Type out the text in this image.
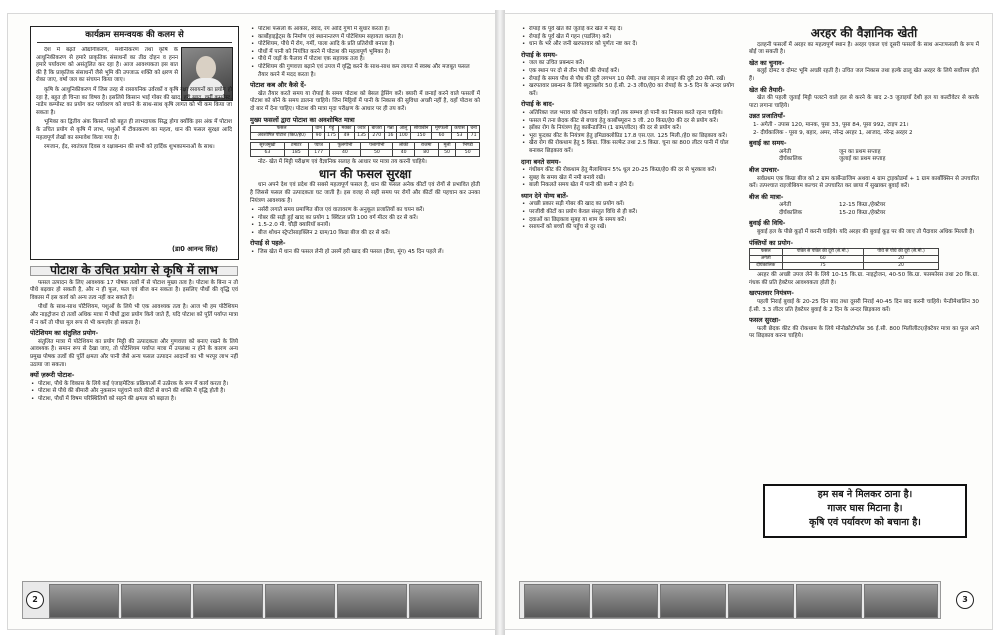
कार्यक्रम समन्वयक की कलम से

देश में बढ़ते औद्योगीकरण, मशीनीकरण तथा कृषि के आधुनिकीकरण से हमारे प्राकृतिक संसाधनों का तीव्र दोहन व हनन हमारे पर्यावरण को असंतुलित कर रहा है। आज आवश्यकता इस बात की है कि प्राकृतिक संसाधनों जैसे भूमि की उपजाऊ शक्ति को क्षरण से रोका जाए, वर्षा जल का संचयन किया जाए।

कृषि के आधुनिकीकरण में जिस तरह से रासायनिक उर्वरकों व कृषि रक्षा रसायनों का प्रयोग हो रहा है, बहुत ही चिन्ता का विषय है। इसलिये किसान भाई गोबर की खाद, हरी खाद, वर्मी कम्पोस्ट, नाडेप कम्पोस्ट का प्रयोग कर पर्यावरण को बचाने के साथ-साथ कृषि लागत को भी कम किया जा सकता है।

भूमिका का द्वितीय अंक किसानों को बहुत ही लाभदायक सिद्ध होगा क्योंकि इस अंक में पोटाश के उचित प्रयोग से कृषि में लाभ, पशुओं में टीकाकरण का महत्व, धान की फसल सुरक्षा आदि महत्वपूर्ण लेखों का समावेश किया गया है।

रमजान, ईद, स्वतंत्रता दिवस व रक्षाबन्धन की सभी को हार्दिक शुभकामनाओं के साथ।

(डा0 आनन्द सिंह)
पोटाश के उचित प्रयोग से कृषि में लाभ

फसल उत्पादन के लिए आवश्यक 17 पोषक तत्वों में से पोटाश मुख्य तत्व है। पोटाश के बिना न तो पौधे बढ़वार हो सकती है, और न ही फूल, फल एवं बीज बन सकता है। इसलिए पौधों की वृद्धि एवं विकास में इस कार्य को अन्य तत्व नहीं कर सकते हैं।

पौधों के साथ-साथ पोटैशियम, पशुओं के लिये भी एक आवश्यक तत्व है। आज भी हम पोटैशियम और नाइट्रोजन दो तत्वों अधिक मात्रा में पौधों द्वारा प्रयोग किये जाते हैं, यदि पोटाश को पूर्ति पर्याप्त मात्रा में न करें तो पौधा मूल रूप से भी कमज़ोर हो सकता है।

पोटेशियम का संतुलित प्रयोग-

संतुलित मात्रा में पोटेशियम का प्रयोग मिट्टी की उत्पादकता और गुणवत्ता को बनाए रखने के लिये आवश्यक है। समान रूप से देखा जाए, तो पोटेशियम पर्याप्त मात्रा में उपलब्ध न होने के कारण अन्य प्रमुख पोषक तत्वों की पूर्ति क्षमता और पानी जैसे अन्य फसल उत्पादन आदानों का भी भरपूर लाभ नहीं उठाया जा सकता।

क्यों ज़रूरी पोटाश-
• पोटाश, पौधे के विकास के लिये कई एंजाइमेटिक प्रक्रियाओं में उत्प्रेरक के रूप में कार्य करता है।
• पोटाश से पौधे की बीमारी और नुकसान पहुंचाने वाले कीटों से बचने की शक्ति में वृद्धि होती है।
• पोटाश, पौधों में विषम परिस्थितियों को सहने की क्षमता को बढ़ाता है।
• पोटाश फसलों के आकार, स्वाद, रंग आदि गुणों में सुधार करता है।
• कार्बोहाइड्रेट्स के निर्माण एवं स्थानान्तरण में पोटेशियम सहायता करता है।
• पोटेशियम, पौधे में रोग, गर्मी, पाला आदि के प्रति प्रतिरोधी बनाता है।
• पौधों में पानी को नियंत्रित करने में पोटाश की महत्वपूर्ण भूमिका है।
• पौधे में जड़ों के फैलाव में पोटाश एक सहायक तत्व है।
• पोटेशियम की गुणवत्ता बढ़ाने एवं उपज में वृद्धि करने के साथ-साथ कम लागत में स्वस्थ और मजबूत फसल तैयार करने में मदद करता है।
पोटाश कब और कैसे दें-

खेत तैयार करते समय या रोपाई के समय पोटाश को बेसल ड्रेसिंग करें। क्यारी में छनाई करने वाले फसलों में पोटाश को बोने के समय डालना चाहिये। जिन मिट्टियों में पानी के निकास की सुविधा अच्छी नहीं है, वहाँ पोटाश को दो बार में देना चाहिए। पोटाश की मात्रा मृदा परीक्षण के आधार पर ही तय करें।

मुख्य फसलों द्वारा पोटाश का अवशोषित मात्रा
फसल	धान	गेहूँ	मक्का	ज्वार	बाजरा	गन्ना	आलू	सोयाबीन	मूंगफली	कपास	चना
अवशोषित पोटाश (कि0/हे0)	90	175	49	135	270	16	100	150	60	53	71
सूरजमुखी	टमाटर	प्याज	फूलगोभी	पत्तागोभी	लौकी	राजमा	मूली	भिण्डी
63	185	177	40	50	40	80	50	50

नोट- खेत में मिट्टी परीक्षण एवं वैज्ञानिक सलाह के आधार पर मात्रा तय करनी चाहिये।

धान की फसल सुरक्षा

धान अपने देश एवं प्रदेश की सबसे महत्वपूर्ण फसल है, धान की फसल अनेक कीटों एवं रोगों से प्रभावित होती है जिससे फसल की उत्पादकता घट जाती है। इस वजह से सही समय पर रोगों और कीटों की पहचान कर उनका नियंत्रण आवश्यक है।

• नर्सरी लगाते समय प्रमाणित बीज एवं वातावरण के अनुकूल प्रजातियों का चयन करें।
• गोबर की सड़ी हुई खाद का प्रयोग 1 क्विंटल प्रति 100 वर्ग मीटर की दर से करें।
• 1.5-2.0 मी. चौड़ी क्यारियाँ बनायें।
• बीज शोधन स्ट्रेप्टोसाइक्लिन 2 ग्राम/10 किग्रा बीज की दर से करें।
रोपाई से पहले-
• जिस खेत में धान की फसल लेनी हो उसमें हरी खाद की फसल (ढैंचा, मूंग) 45 दिन पहले लें।
2
• रोपाई के पूर्व खेत की जुताई कर खेत में मेंड़ दें।
• रोपाई के पूर्व खेत में गहन (पडलिंग) करें।
• धान के भरे और जनी खरपतवार को पूर्णतः नष्ट कर दें।
रोपाई के समय-
• जल का उचित प्रबन्धन करें।
• एक स्थान पर दो से तीन पौधों की रोपाई करें।
• रोपाई के समय पौध से पौध की दूरी लगभग 10 सेमी. तथा लाइन से लाइन की दूरी 20 सेमी. रखें।
• खरपतवार प्रबन्धन के लिये ब्यूटाक्लोर 50 ई.सी. 2-3 ली0/हे0 का रोपाई के 3-5 दिन के अन्दर प्रयोग करें।
रोपाई के बाद-
• अतिरिक्त जल भराव को रोकना चाहिये। जहाँ तक सम्भव हो पानी का निकास करते रहना चाहिये।
• फसल में तना छेदक कीट से बचाव हेतु कार्बोफ्यूरान 3 जी. 20 किग्रा/हे0 की दर से प्रयोग करें।
• झोंका रोग के नियंत्रण हेतु कार्बेन्डाजिम (1 ग्राम/लीटर) की दर से प्रयोग करें।
• भूरा फुदका कीट के नियंत्रण हेतु इमिडाक्लोप्रिड 17.8 एस.एल. 125 मिली./हे0 का छिड़काव करें।
• खैरा रोग की रोकथाम हेतु 5 किग्रा. जिंक सल्फेट तथा 2.5 किग्रा. चूना का 800 लीटर पानी में घोल बनाकर छिड़काव करें।
दाना बनते समय-
• गंधीबग कीट की रोकथाम हेतु मैलाथियान 5% धूल 20-25 किग्रा/हे0 की दर से भुरकाव करें।
• सुबह के समय खेत में नमी बनाये रखें।
• बाली निकलते समय खेत में पानी की कमी न होने दें।
ध्यान देने योग्य बातें-
• अच्छी प्रकार सड़ी गोबर की खाद का प्रयोग करें।
• परजीवी कीटों का प्रयोग केवल संस्तुत विधि से ही करें।
• दवाओं का छिड़काव सुबह या शाम के समय करें।
• रसायनों को बच्चों की पहुँच से दूर रखें।
अरहर की वैज्ञानिक खेती

दलहनी फसलों में अरहर का महत्वपूर्ण स्थान है। अरहर एकल एवं दूसरी फसलों के साथ अन्तःफसली के रूप में बोई जा सकती है।

खेत का चुनाव-

बलुई दोमट व दोमट भूमि अच्छी रहती है। उचित जल निकास तथा हल्के ढालू खेत अरहर के लिये सर्वोत्तम होते हैं।

खेत की तैयारी-

खेत की पहली जुताई मिट्टी पलटने वाले हल से करने के बाद 2-3 जुताइयाँ देशी हल या कल्टीवेटर से करके पाटा लगाना चाहिये।

उन्नत प्रजातियाँ-
1- अगेती - उपास 120, मानक, पूसा 33, पूसा 84, पूसा 992, टाइप 21।
2- दीर्घकालिक - पूसा 9, बहार, अमर, नरेन्द्र अरहर 1, आजाद, नरेन्द्र अरहर 2
बुवाई का समय-
अगेती	जून का प्रथम सप्ताह
दीर्घकालिक	जुलाई का प्रथम सप्ताह
बीज उपचार-

सर्वप्रथम एक किग्रा बीज को 2 ग्राम कार्बेन्डाजिम अथवा 4 ग्राम ट्राइकोडर्मा + 1 ग्राम कार्बोक्सिन से उपचारित करें। तत्पश्चात राइजोबियम कल्चर से उपचारित कर छाया में सुखाकर बुवाई करें।

बीज की मात्रा-
अगेती	12-15 किग्रा./हेक्टेयर
दीर्घकालिक	15-20 किग्रा./हेक्टेयर
बुवाई की विधि-

बुवाई हल के पीछे कूड़ों में करनी चाहिये। यदि अरहर की बुवाई कूड़ पर की जाए तो पैदावार अधिक मिलती है।

पंक्तियों का प्रयोग-
फसल	पंक्ति से पंक्ति की दूरी (से.मी.)	पौधे से पौधे की दूरी (से.मी.)
अगेती	60	20
दीर्घकालिक	75	20

अरहर की अच्छी उपज लेने के लिये 10-15 कि.ग्रा. नाइट्रोजन, 40-50 कि.ग्रा. फास्फोरस तथा 20 कि.ग्रा. गंधक की प्रति हेक्टेयर आवश्यकता होती है।

खरपतवार नियंत्रण-

पहली निराई बुवाई के 20-25 दिन बाद तथा दूसरी निराई 40-45 दिन बाद करनी चाहिये। पेन्डीमेथालिन 30 ई.सी. 3.3 लीटर प्रति हेक्टेयर बुवाई के 2 दिन के अन्दर छिड़काव करें।

फसल सुरक्षा-

फली छेदक कीट की रोकथाम के लिये मोनोक्रोटोफॉस 36 ई.सी. 800 मिलीलीटर/हेक्टेयर मात्रा का फूल आने पर छिड़काव करना चाहिये।

हम सब ने मिलकर ठाना है।
गाजर घास मिटाना है।
कृषि एवं पर्यावरण को बचाना है।
3
